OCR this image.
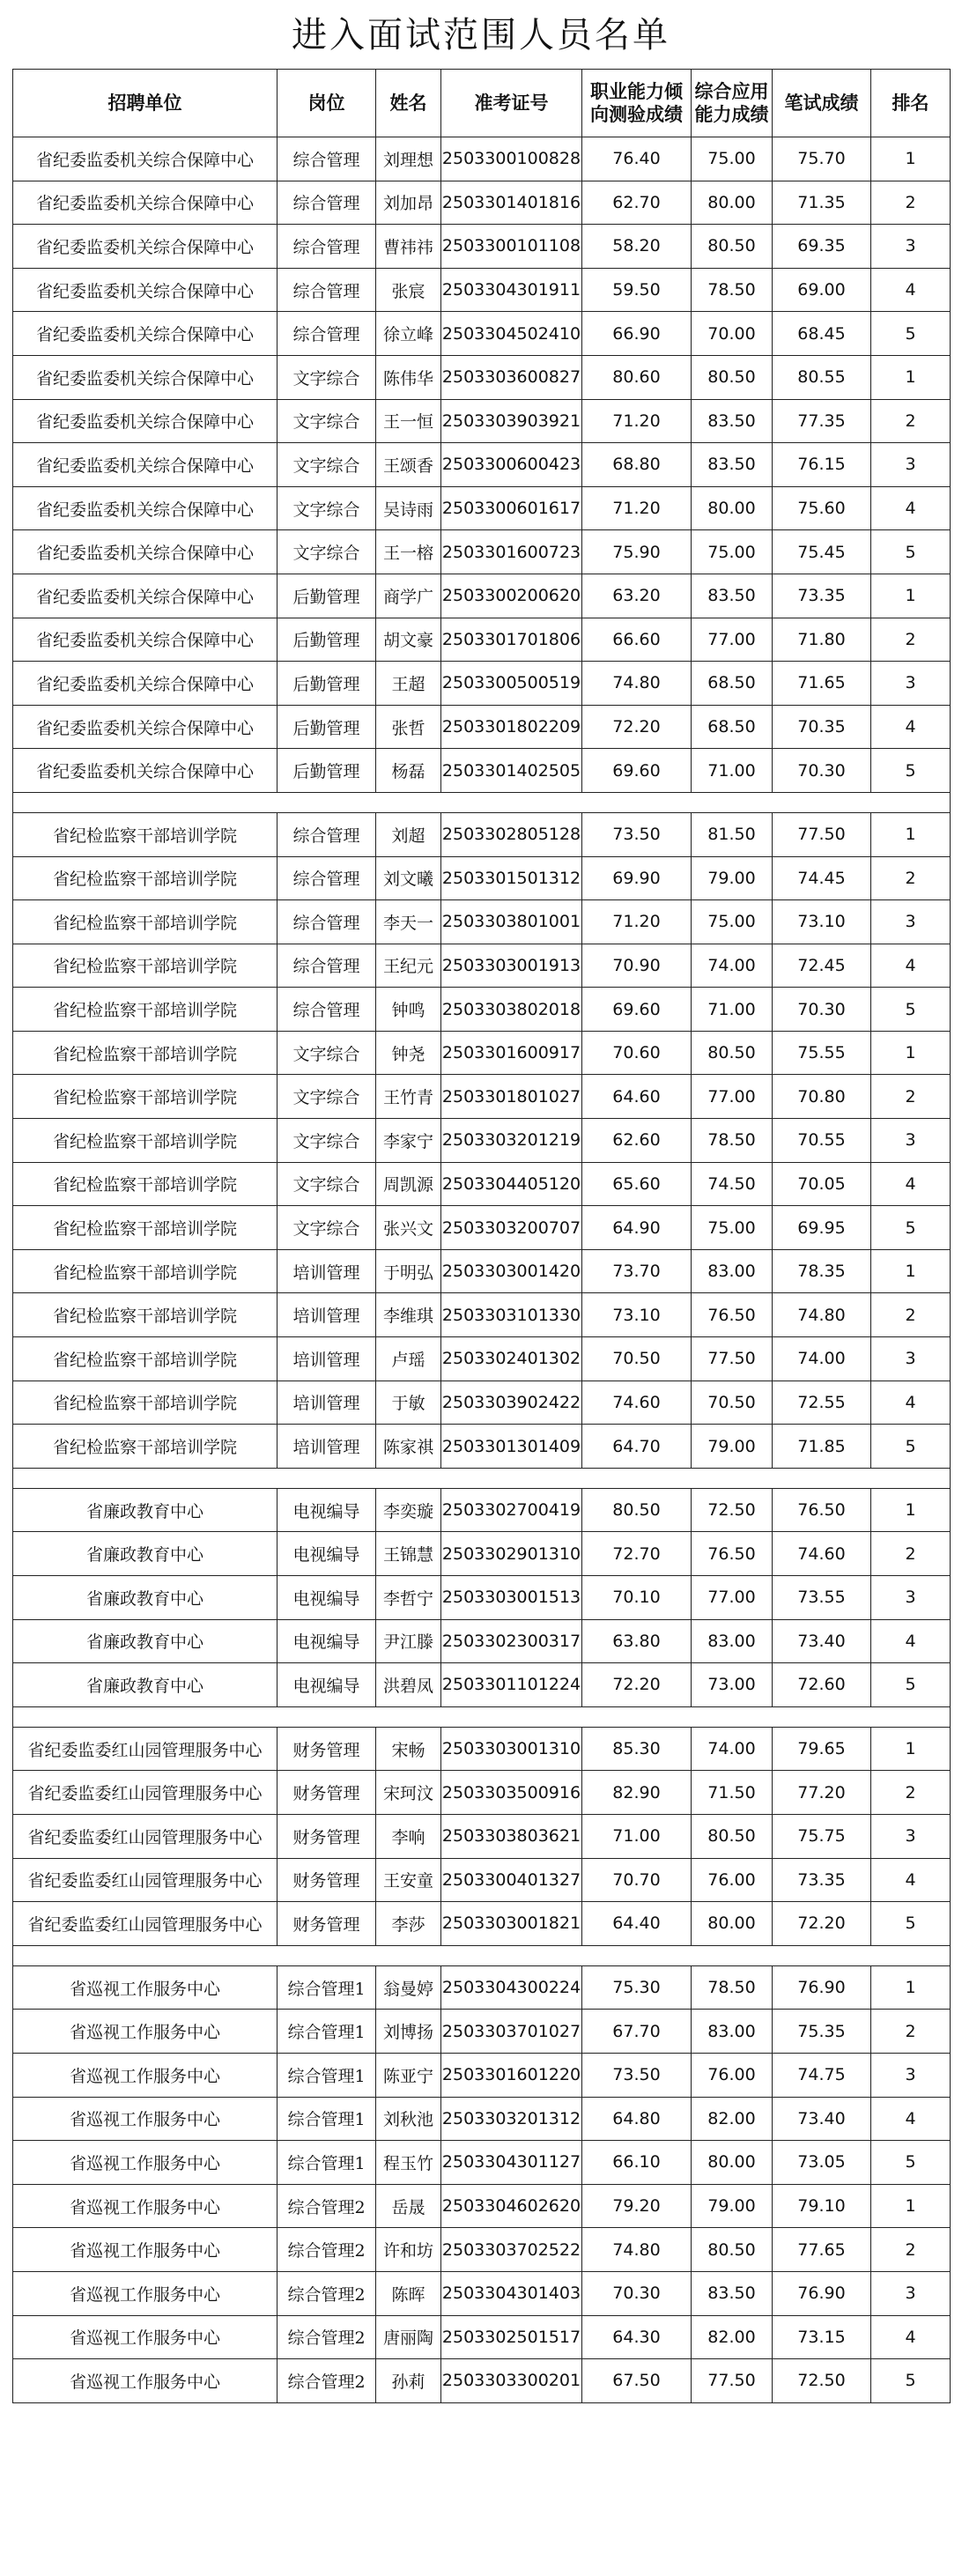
进入面试范围人员名单
招聘单位	岗位	姓名	准考证号	职业能力倾向测验成绩	综合应用能力成绩	笔试成绩	排名
省纪委监委机关综合保障中心	综合管理	刘理想	2503300100828	76.40	75.00	75.70	1
省纪委监委机关综合保障中心	综合管理	刘加昂	2503301401816	62.70	80.00	71.35	2
省纪委监委机关综合保障中心	综合管理	曹祎祎	2503300101108	58.20	80.50	69.35	3
省纪委监委机关综合保障中心	综合管理	张宸	2503304301911	59.50	78.50	69.00	4
省纪委监委机关综合保障中心	综合管理	徐立峰	2503304502410	66.90	70.00	68.45	5
省纪委监委机关综合保障中心	文字综合	陈伟华	2503303600827	80.60	80.50	80.55	1
省纪委监委机关综合保障中心	文字综合	王一恒	2503303903921	71.20	83.50	77.35	2
省纪委监委机关综合保障中心	文字综合	王颂香	2503300600423	68.80	83.50	76.15	3
省纪委监委机关综合保障中心	文字综合	吴诗雨	2503300601617	71.20	80.00	75.60	4
省纪委监委机关综合保障中心	文字综合	王一榕	2503301600723	75.90	75.00	75.45	5
省纪委监委机关综合保障中心	后勤管理	商学广	2503300200620	63.20	83.50	73.35	1
省纪委监委机关综合保障中心	后勤管理	胡文豪	2503301701806	66.60	77.00	71.80	2
省纪委监委机关综合保障中心	后勤管理	王超	2503300500519	74.80	68.50	71.65	3
省纪委监委机关综合保障中心	后勤管理	张哲	2503301802209	72.20	68.50	70.35	4
省纪委监委机关综合保障中心	后勤管理	杨磊	2503301402505	69.60	71.00	70.30	5

省纪检监察干部培训学院	综合管理	刘超	2503302805128	73.50	81.50	77.50	1
省纪检监察干部培训学院	综合管理	刘文曦	2503301501312	69.90	79.00	74.45	2
省纪检监察干部培训学院	综合管理	李天一	2503303801001	71.20	75.00	73.10	3
省纪检监察干部培训学院	综合管理	王纪元	2503303001913	70.90	74.00	72.45	4
省纪检监察干部培训学院	综合管理	钟鸣	2503303802018	69.60	71.00	70.30	5
省纪检监察干部培训学院	文字综合	钟尧	2503301600917	70.60	80.50	75.55	1
省纪检监察干部培训学院	文字综合	王竹青	2503301801027	64.60	77.00	70.80	2
省纪检监察干部培训学院	文字综合	李家宁	2503303201219	62.60	78.50	70.55	3
省纪检监察干部培训学院	文字综合	周凯源	2503304405120	65.60	74.50	70.05	4
省纪检监察干部培训学院	文字综合	张兴文	2503303200707	64.90	75.00	69.95	5
省纪检监察干部培训学院	培训管理	于明弘	2503303001420	73.70	83.00	78.35	1
省纪检监察干部培训学院	培训管理	李维琪	2503303101330	73.10	76.50	74.80	2
省纪检监察干部培训学院	培训管理	卢瑶	2503302401302	70.50	77.50	74.00	3
省纪检监察干部培训学院	培训管理	于敏	2503303902422	74.60	70.50	72.55	4
省纪检监察干部培训学院	培训管理	陈家祺	2503301301409	64.70	79.00	71.85	5

省廉政教育中心	电视编导	李奕璇	2503302700419	80.50	72.50	76.50	1
省廉政教育中心	电视编导	王锦慧	2503302901310	72.70	76.50	74.60	2
省廉政教育中心	电视编导	李哲宁	2503303001513	70.10	77.00	73.55	3
省廉政教育中心	电视编导	尹江滕	2503302300317	63.80	83.00	73.40	4
省廉政教育中心	电视编导	洪碧凤	2503301101224	72.20	73.00	72.60	5

省纪委监委红山园管理服务中心	财务管理	宋畅	2503303001310	85.30	74.00	79.65	1
省纪委监委红山园管理服务中心	财务管理	宋珂汶	2503303500916	82.90	71.50	77.20	2
省纪委监委红山园管理服务中心	财务管理	李响	2503303803621	71.00	80.50	75.75	3
省纪委监委红山园管理服务中心	财务管理	王安童	2503300401327	70.70	76.00	73.35	4
省纪委监委红山园管理服务中心	财务管理	李莎	2503303001821	64.40	80.00	72.20	5

省巡视工作服务中心	综合管理1	翁曼婷	2503304300224	75.30	78.50	76.90	1
省巡视工作服务中心	综合管理1	刘博扬	2503303701027	67.70	83.00	75.35	2
省巡视工作服务中心	综合管理1	陈亚宁	2503301601220	73.50	76.00	74.75	3
省巡视工作服务中心	综合管理1	刘秋池	2503303201312	64.80	82.00	73.40	4
省巡视工作服务中心	综合管理1	程玉竹	2503304301127	66.10	80.00	73.05	5
省巡视工作服务中心	综合管理2	岳晟	2503304602620	79.20	79.00	79.10	1
省巡视工作服务中心	综合管理2	许和坊	2503303702522	74.80	80.50	77.65	2
省巡视工作服务中心	综合管理2	陈晖	2503304301403	70.30	83.50	76.90	3
省巡视工作服务中心	综合管理2	唐丽陶	2503302501517	64.30	82.00	73.15	4
省巡视工作服务中心	综合管理2	孙莉	2503303300201	67.50	77.50	72.50	5
